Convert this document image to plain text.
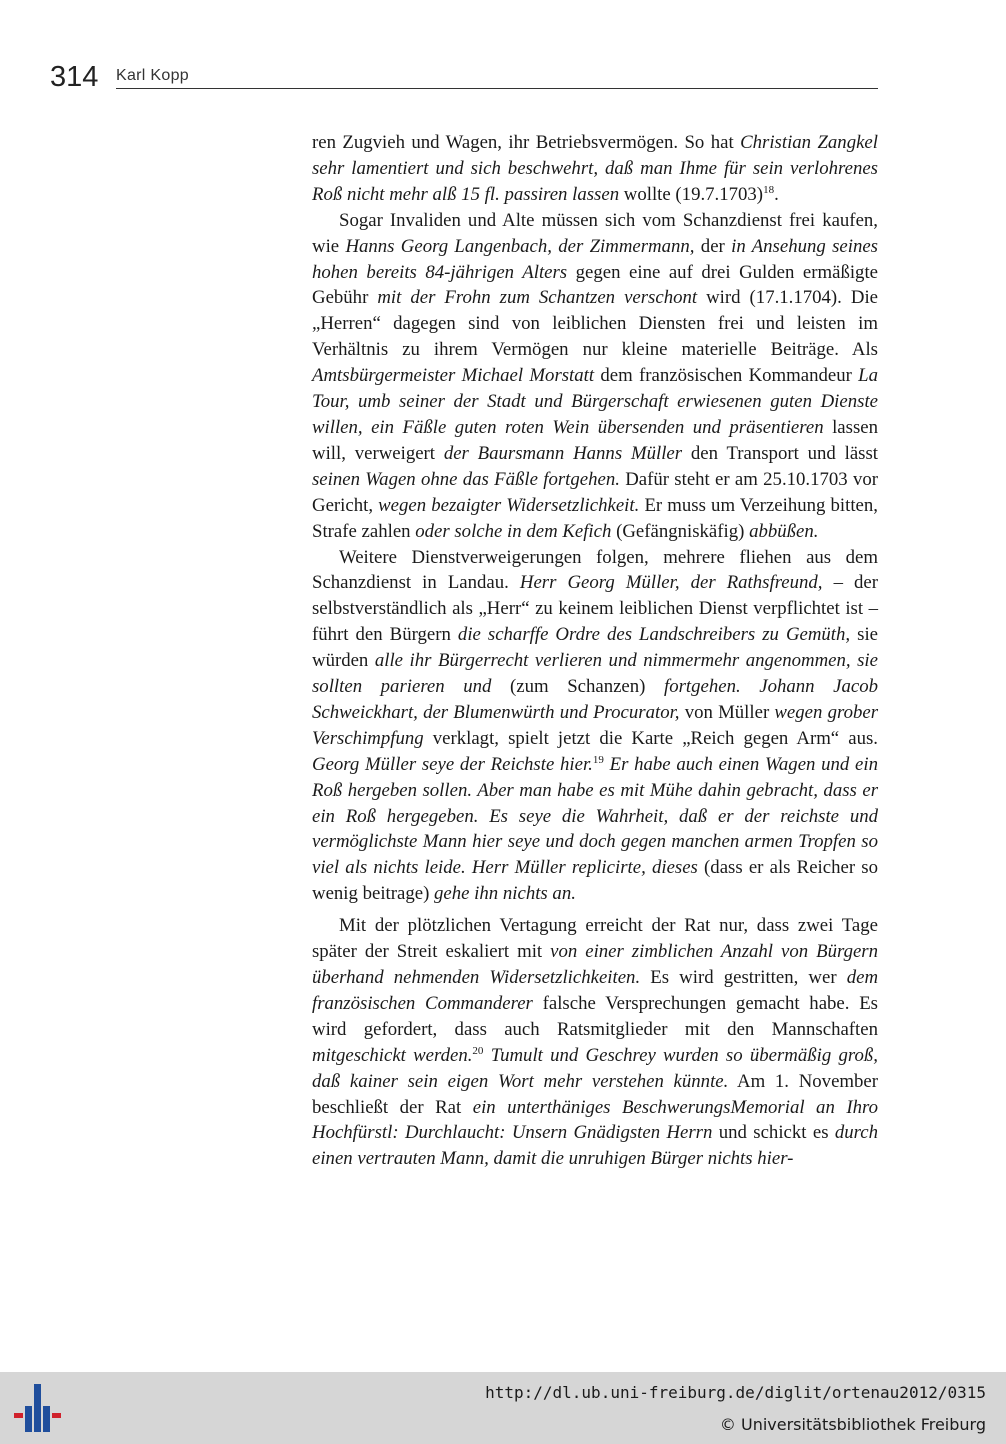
314 Karl Kopp

ren Zugvieh und Wagen, ihr Betriebsvermögen. So hat Christian Zangkel sehr lamentiert und sich beschwehrt, daß man Ihme für sein verlohrenes Roß nicht mehr alß 15 fl. passiren lassen wollte $(19.7.1703)^{18}$.

Sogar Invaliden und Alte müssen sich vom Schanzdienst frei kaufen, wie Hanns Georg Langenbach, der Zimmermann, der in Ansehung seines hohen bereits 84-jährigen Alters gegen eine auf drei Gulden ermäßigte Gebühr mit der Frohn zum Schantzen verschont wird (17.1.1704). Die „Herren“ dagegen sind von leiblichen Diensten frei und leisten im Verhältnis zu ihrem Vermögen nur kleine materielle Beiträge. Als Amtsbürgermeister Michael Morstatt dem französischen Kommandeur La Tour, umb seiner der Stadt und Bürgerschaft erwiesenen guten Dienste willen, ein Fäßle guten roten Wein übersenden und präsentieren lassen will, verweigert der Baursmann Hanns Müller den Transport und lässt seinen Wagen ohne das Fäßle fortgehen. Dafür steht er am 25.10.1703 vor Gericht, wegen bezaigter Widersetzlichkeit. Er muss um Verzeihung bitten, Strafe zahlen oder solche in dem Kefich (Gefängniskäfig) abbüßen.

Weitere Dienstverweigerungen folgen, mehrere fliehen aus dem Schanzdienst in Landau. Herr Georg Müller, der Rathsfreund, – der selbstverständlich als „Herr“ zu keinem leiblichen Dienst verpflichtet ist – führt den Bürgern die scharffe Ordre des Landschreibers zu Gemüth, sie würden alle ihr Bürgerrecht verlieren und nimmermehr angenommen, sie sollten parieren und (zum Schanzen) fortgehen. Johann Jacob Schweickhart, der Blumenwürth und Procurator, von Müller wegen grober Verschimpfung verklagt, spielt jetzt die Karte „Reich gegen Arm“ aus. Georg Müller seye der Reichste hier.$^{19}$ Er habe auch einen Wagen und ein Roß hergeben sollen. Aber man habe es mit Mühe dahin gebracht, dass er ein Roß hergegeben. Es seye die Wahrheit, daß er der reichste und vermöglichste Mann hier seye und doch gegen manchen armen Tropfen so viel als nichts leide. Herr Müller replicirte, dieses (dass er als Reicher so wenig beitrage) gehe ihn nichts an.

Mit der plötzlichen Vertagung erreicht der Rat nur, dass zwei Tage später der Streit eskaliert mit von einer zimblichen Anzahl von Bürgern überhand nehmenden Widersetzlichkeiten. Es wird gestritten, wer dem französischen Commanderer falsche Versprechungen gemacht habe. Es wird gefordert, dass auch Ratsmitglieder mit den Mannschaften mitgeschickt werden.$^{20}$ Tumult und Geschrey wurden so übermäßig groß, daß kainer sein eigen Wort mehr verstehen künnte. Am 1. November beschließt der Rat ein unterthäniges BeschwerungsMemorial an Ihro Hochfürstl: Durchlaucht: Unsern Gnädigsten Herrn und schickt es durch einen vertrauten Mann, damit die unruhigen Bürger nichts hier-

http://dl.ub.uni-freiburg.de/diglit/ortenau2012/0315
© Universitätsbibliothek Freiburg
